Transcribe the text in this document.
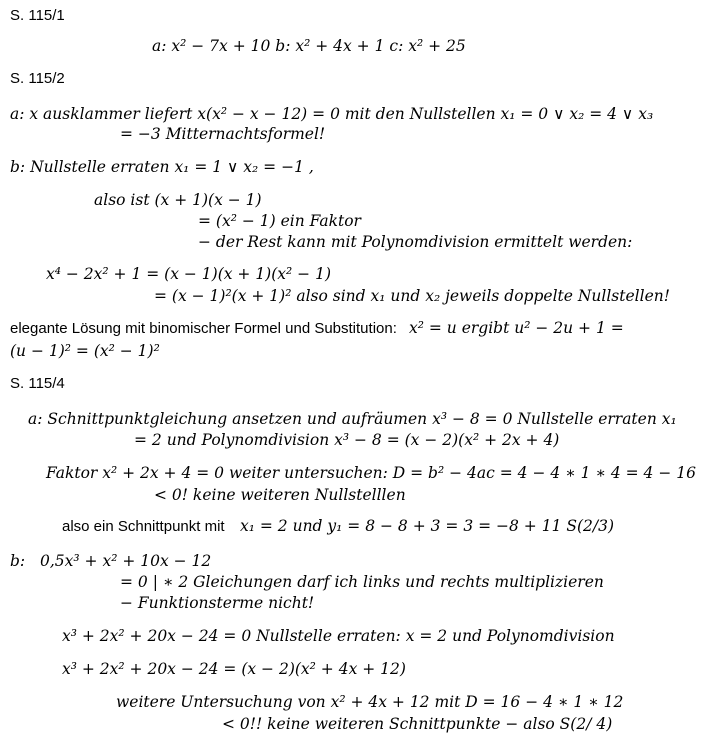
S. 115/1
a: x² − 7x + 10 b: x² + 4x + 1 c: x² + 25
S. 115/2
a: x ausklammer liefert x(x² − x − 12) = 0 mit den Nullstellen x₁ = 0 ∨ x₂ = 4 ∨ x₃
= −3 Mitternachtsformel!
b: Nullstelle erraten x₁ = 1 ∨ x₂ = −1 ,
also ist (x + 1)(x − 1)
= (x² − 1) ein Faktor
− der Rest kann mit Polynomdivision ermittelt werden:
x⁴ − 2x² + 1 = (x − 1)(x + 1)(x² − 1)
= (x − 1)²(x + 1)² also sind x₁ und x₂ jeweils doppelte Nullstellen!
elegante Lösung mit binomischer Formel und Substitution: x² = u ergibt u² − 2u + 1 =
(u − 1)² = (x² − 1)²
S. 115/4
a: Schnittpunktgleichung ansetzen und aufräumen x³ − 8 = 0 Nullstelle erraten x₁
= 2 und Polynomdivision x³ − 8 = (x − 2)(x² + 2x + 4)
Faktor x² + 2x + 4 = 0 weiter untersuchen: D = b² − 4ac = 4 − 4 ∗ 1 ∗ 4 = 4 − 16
< 0! keine weiteren Nullstelllen
also ein Schnittpunkt mit x₁ = 2 und y₁ = 8 − 8 + 3 = 3 = −8 + 11 S(2/3)
b: 0,5x³ + x² + 10x − 12
= 0 | ∗ 2 Gleichungen darf ich links und rechts multiplizieren
− Funktionsterme nicht!
x³ + 2x² + 20x − 24 = 0 Nullstelle erraten: x = 2 und Polynomdivision
x³ + 2x² + 20x − 24 = (x − 2)(x² + 4x + 12)
weitere Untersuchung von x² + 4x + 12 mit D = 16 − 4 ∗ 1 ∗ 12
< 0!! keine weiteren Schnittpunkte − also S(2/ 4)
